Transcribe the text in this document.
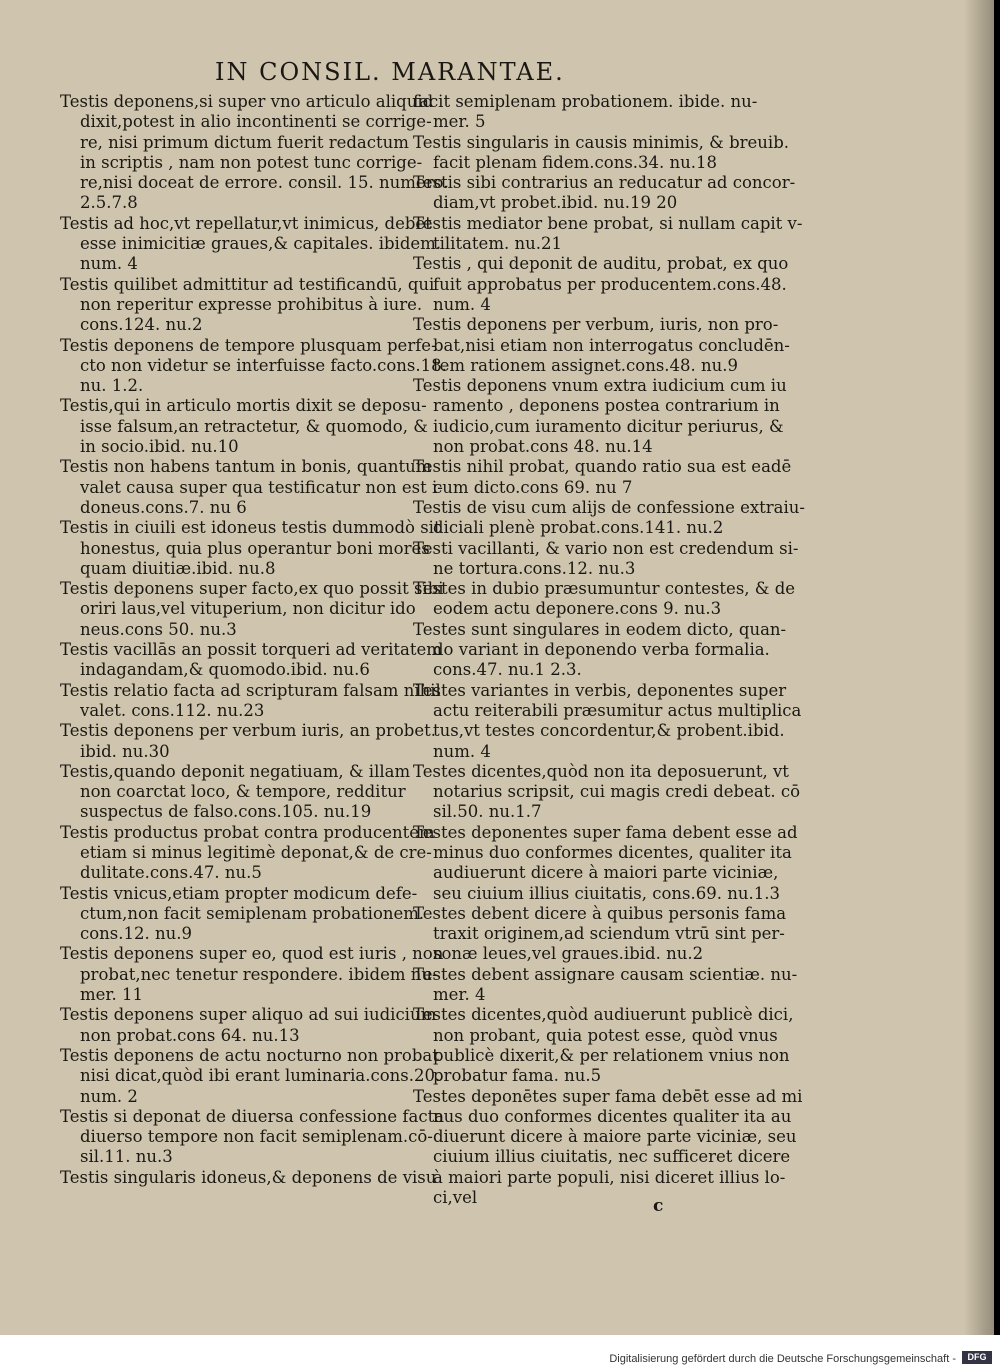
IN CONSIL. MARANTAE.
Testis deponens,si super vno articulo aliquid
dixit,potest in alio incontinenti se corrige-
re, nisi primum dictum fuerit redactum
in scriptis , nam non potest tunc corrige-
re,nisi doceat de errore. consil. 15. numero.
2.5.7.8
Testis ad hoc,vt repellatur,vt inimicus, debet
esse inimicitiæ graues,& capitales. ibidem.
num. 4
Testis quilibet admittitur ad testificandū, qui
non reperitur expresse prohibitus à iure.
cons.124. nu.2
Testis deponens de tempore plusquam perfe-
cto non videtur se interfuisse facto.cons.18.
nu. 1.2.
Testis,qui in articulo mortis dixit se deposu-
isse falsum,an retractetur, & quomodo, &
in socio.ibid. nu.10
Testis non habens tantum in bonis, quantum
valet causa super qua testificatur non est i-
doneus.cons.7. nu 6
Testis in ciuili est idoneus testis dummodò sit
honestus, quia plus operantur boni mores
quam diuitiæ.ibid. nu.8
Testis deponens super facto,ex quo possit sibi
oriri laus,vel vituperium, non dicitur ido
neus.cons 50. nu.3
Testis vacillās an possit torqueri ad veritatem
indagandam,& quomodo.ibid. nu.6
Testis relatio facta ad scripturam falsam nihil
valet. cons.112. nu.23
Testis deponens per verbum iuris, an probet.
ibid. nu.30
Testis,quando deponit negatiuam, & illam
non coarctat loco, & tempore, redditur
suspectus de falso.cons.105. nu.19
Testis productus probat contra producentem
etiam si minus legitimè deponat,& de cre-
dulitate.cons.47. nu.5
Testis vnicus,etiam propter modicum defe-
ctum,non facit semiplenam probationem.
cons.12. nu.9
Testis deponens super eo, quod est iuris , non
probat,nec tenetur respondere. ibidem nu-
mer. 11
Testis deponens super aliquo ad sui iudicium
non probat.cons 64. nu.13
Testis deponens de actu nocturno non probat
nisi dicat,quòd ibi erant luminaria.cons.20.
num. 2
Testis si deponat de diuersa confessione facta
diuerso tempore non facit semiplenam.cō-
sil.11. nu.3
Testis singularis idoneus,& deponens de visu
facit semiplenam probationem. ibide. nu-
mer. 5
Testis singularis in causis minimis, & breuib.
facit plenam fidem.cons.34. nu.18
Testis sibi contrarius an reducatur ad concor-
diam,vt probet.ibid. nu.19 20
Testis mediator bene probat, si nullam capit v-
tilitatem. nu.21
Testis , qui deponit de auditu, probat, ex quo
fuit approbatus per producentem.cons.48.
num. 4
Testis deponens per verbum, iuris, non pro-
bat,nisi etiam non interrogatus concludēn-
tem rationem assignet.cons.48. nu.9
Testis deponens vnum extra iudicium cum iu
ramento , deponens postea contrarium in
iudicio,cum iuramento dicitur periurus, &
non probat.cons 48. nu.14
Testis nihil probat, quando ratio sua est eadē
cum dicto.cons 69. nu 7
Testis de visu cum alijs de confessione extraiu-
diciali plenè probat.cons.141. nu.2
Testi vacillanti, & vario non est credendum si-
ne tortura.cons.12. nu.3
Testes in dubio præsumuntur contestes, & de
eodem actu deponere.cons 9. nu.3
Testes sunt singulares in eodem dicto, quan-
do variant in deponendo verba formalia.
cons.47. nu.1 2.3.
Testes variantes in verbis, deponentes super
actu reiterabili præsumitur actus multiplica
tus,vt testes concordentur,& probent.ibid.
num. 4
Testes dicentes,quòd non ita deposuerunt, vt
notarius scripsit, cui magis credi debeat. cō
sil.50. nu.1.7
Testes deponentes super fama debent esse ad
minus duo conformes dicentes, qualiter ita
audiuerunt dicere à maiori parte viciniæ,
seu ciuium illius ciuitatis, cons.69. nu.1.3
Testes debent dicere à quibus personis fama
traxit originem,ad sciendum vtrū sint per-
sonæ leues,vel graues.ibid. nu.2
Testes debent assignare causam scientiæ. nu-
mer. 4
Testes dicentes,quòd audiuerunt publicè dici,
non probant, quia potest esse, quòd vnus
publicè dixerit,& per relationem vnius non
probatur fama. nu.5
Testes deponētes super fama debēt esse ad mi
nus duo conformes dicentes qualiter ita au
diuerunt dicere à maiore parte viciniæ, seu
ciuium illius ciuitatis, nec sufficeret dicere
à maiori parte populi, nisi diceret illius lo-
ci,vel	c
Digitalisierung gefördert durch die Deutsche Forschungsgemeinschaft -	DFG
